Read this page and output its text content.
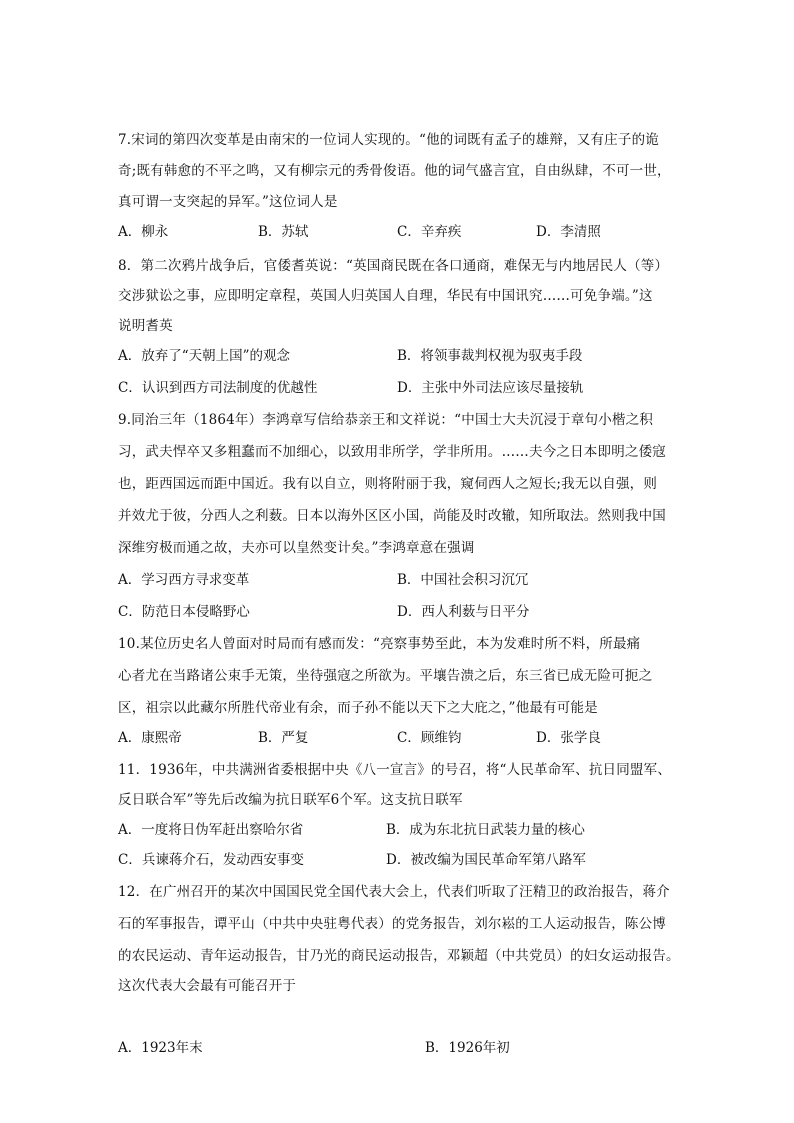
7.宋词的第四次变革是由南宋的一位词人实现的。“他的词既有孟子的雄辩，又有庄子的诡
奇;既有韩愈的不平之鸣，又有柳宗元的秀骨俊语。他的词气盛言宜，自由纵肆，不可一世，
真可谓一支突起的异军。”这位词人是
A．柳永	B．苏轼	C．辛弃疾	D．李清照
8．第二次鸦片战争后，官倭耆英说：“英国商民既在各口通商，难保无与内地居民人（等）
交涉狱讼之事，应即明定章程，英国人归英国人自理，华民有中国讯究……可免争端。”这
说明耆英
A．放弃了“天朝上国”的观念	B．将领事裁判权视为驭夷手段
C．认识到西方司法制度的优越性	D．主张中外司法应该尽量接轨
9.同治三年（1864年）李鸿章写信给恭亲王和文祥说：“中国士大夫沉浸于章句小楷之积
习，武夫悍卒又多粗蠢而不加细心，以致用非所学，学非所用。……夫今之日本即明之倭寇
也，距西国远而距中国近。我有以自立，则将附丽于我，窥伺西人之短长;我无以自强，则
并效尤于彼，分西人之利薮。日本以海外区区小国，尚能及时改辙，知所取法。然则我中国
深维穷极而通之故，夫亦可以皇然变计矣。”李鸿章意在强调
A．学习西方寻求变革	B．中国社会积习沉冗
C．防范日本侵略野心	D．西人利薮与日平分
10.某位历史名人曾面对时局而有感而发：“亮察事势至此，本为发难时所不料，所最痛
心者尤在当路诸公束手无策，坐待强寇之所欲为。平壤告溃之后，东三省已成无险可扼之
区，祖宗以此藏尔所胜代帝业有余，而子孙不能以天下之大庇之，”他最有可能是
A．康熙帝	B．严复	C．顾维钧	D．张学良
11．1936年，中共满洲省委根据中央《八一宣言》的号召，将“人民革命军、抗日同盟军、
反日联合军”等先后改编为抗日联军6个军。这支抗日联军
A．一度将日伪军赶出察哈尔省	B．成为东北抗日武装力量的核心
C．兵谏蒋介石，发动西安事变	D．被改编为国民革命军第八路军
12．在广州召开的某次中国国民党全国代表大会上，代表们听取了汪精卫的政治报告，蒋介
石的军事报告，谭平山（中共中央驻粤代表）的党务报告，刘尔崧的工人运动报告，陈公博
的农民运动、青年运动报告，甘乃光的商民运动报告，邓颖超（中共党员）的妇女运动报告。
这次代表大会最有可能召开于
A．1923年末	B．1926年初
